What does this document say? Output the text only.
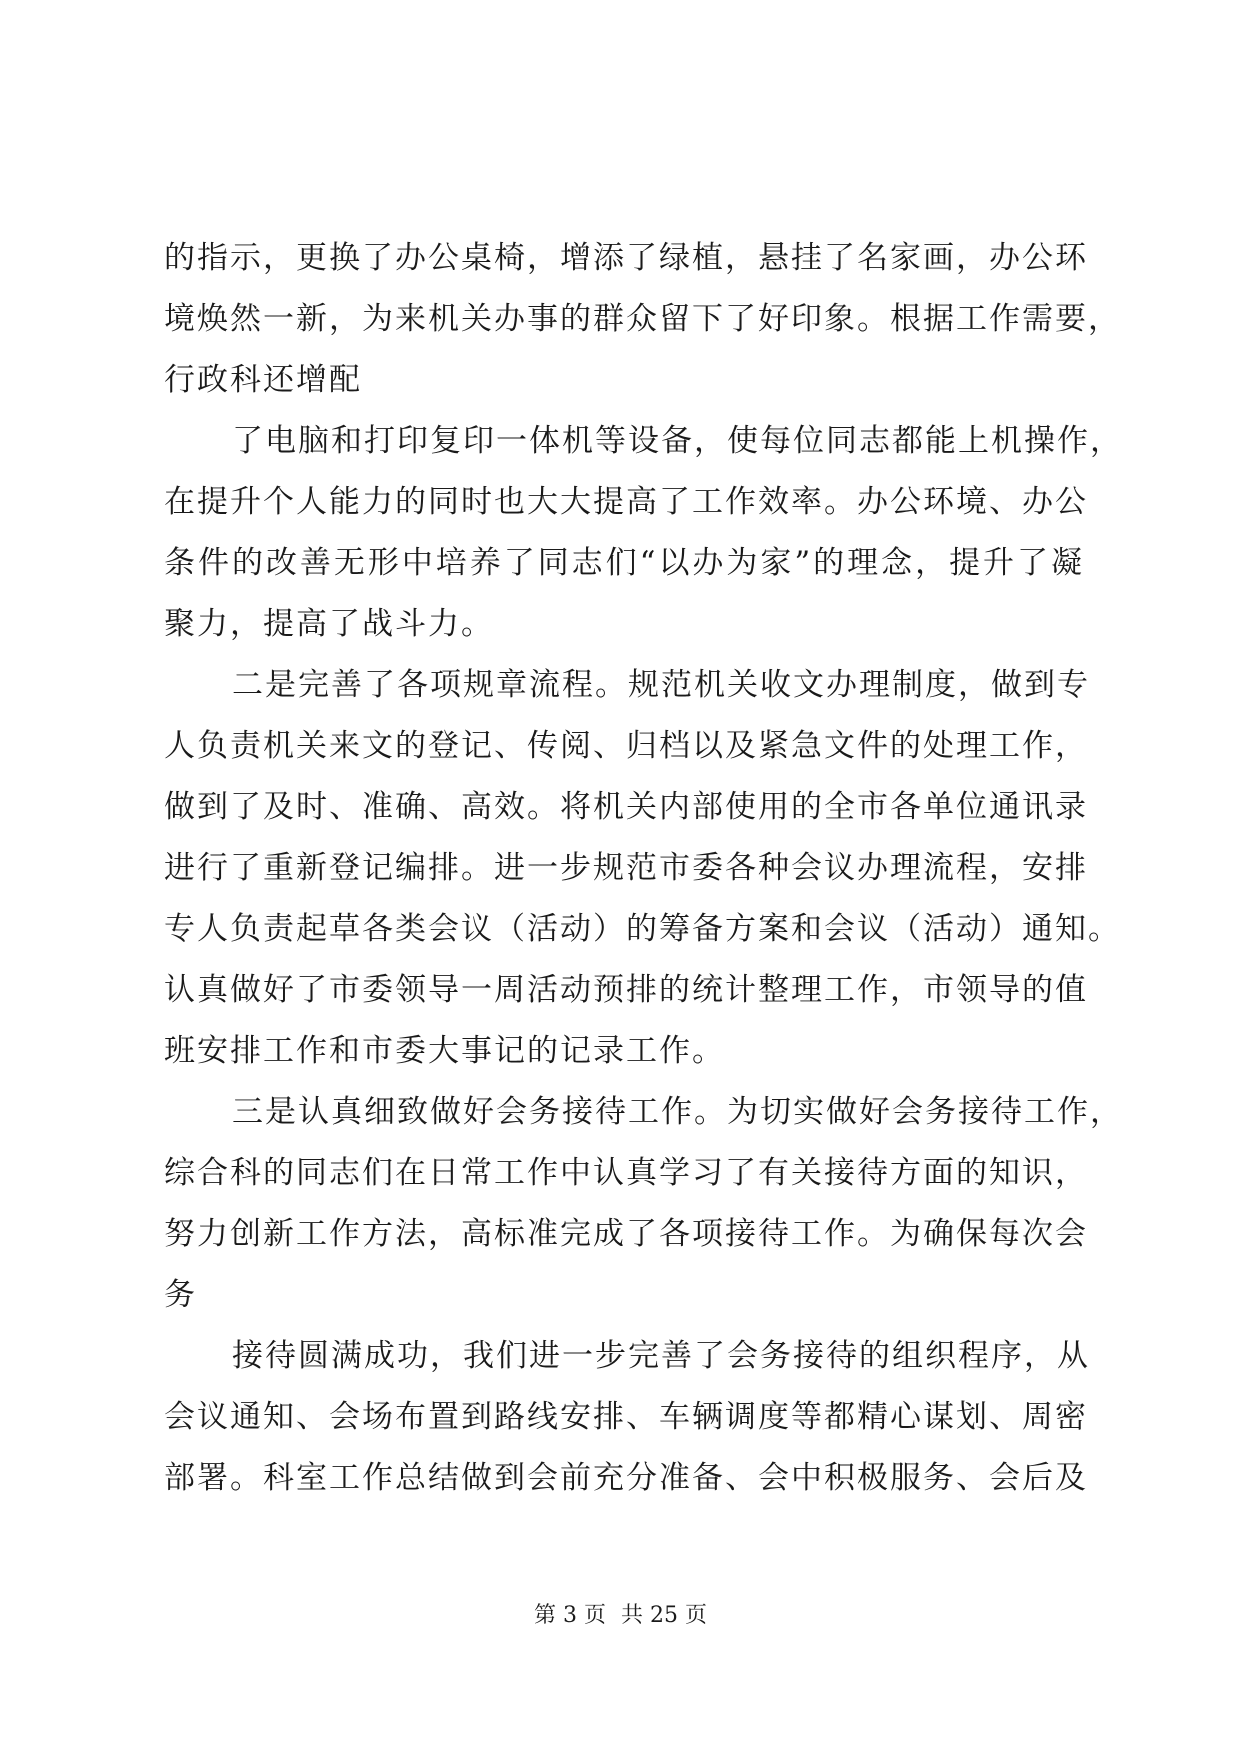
的指示，更换了办公桌椅，增添了绿植，悬挂了名家画，办公环
境焕然一新，为来机关办事的群众留下了好印象。根据工作需要，
行政科还增配
了电脑和打印复印一体机等设备，使每位同志都能上机操作，
在提升个人能力的同时也大大提高了工作效率。办公环境、办公
条件的改善无形中培养了同志们“以办为家”的理念，提升了凝
聚力，提高了战斗力。
二是完善了各项规章流程。规范机关收文办理制度，做到专
人负责机关来文的登记、传阅、归档以及紧急文件的处理工作，
做到了及时、准确、高效。将机关内部使用的全市各单位通讯录
进行了重新登记编排。进一步规范市委各种会议办理流程，安排
专人负责起草各类会议（活动）的筹备方案和会议（活动）通知。
认真做好了市委领导一周活动预排的统计整理工作，市领导的值
班安排工作和市委大事记的记录工作。
三是认真细致做好会务接待工作。为切实做好会务接待工作，
综合科的同志们在日常工作中认真学习了有关接待方面的知识，
努力创新工作方法，高标准完成了各项接待工作。为确保每次会
务
接待圆满成功，我们进一步完善了会务接待的组织程序，从
会议通知、会场布置到路线安排、车辆调度等都精心谋划、周密
部署。科室工作总结做到会前充分准备、会中积极服务、会后及
第 3 页 共 25 页
